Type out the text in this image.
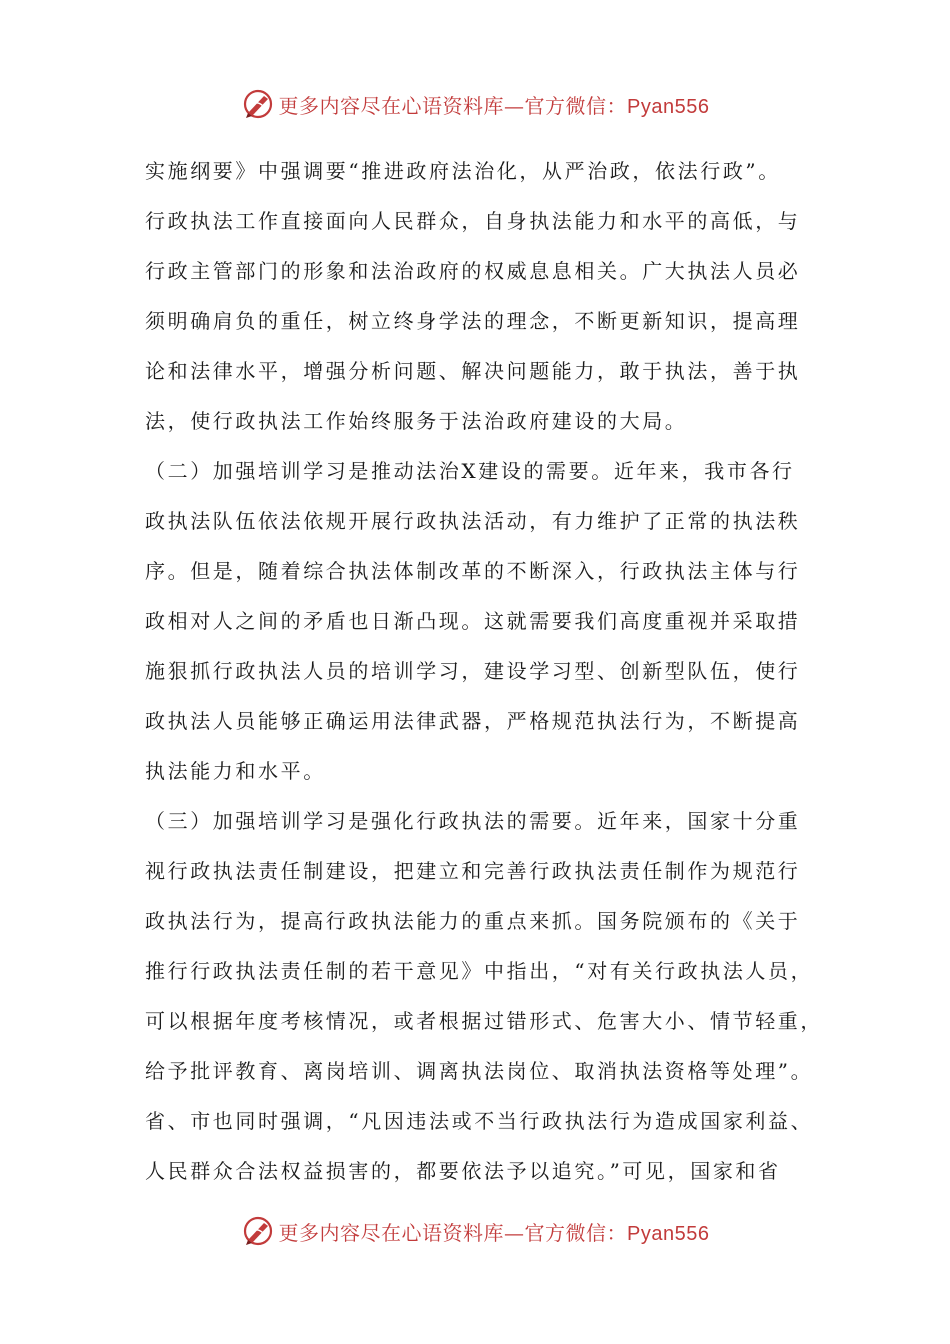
更多内容尽在心语资料库—官方微信：Pyan556
实施纲要》中强调要“推进政府法治化，从严治政，依法行政”。
行政执法工作直接面向人民群众，自身执法能力和水平的高低，与
行政主管部门的形象和法治政府的权威息息相关。广大执法人员必
须明确肩负的重任，树立终身学法的理念，不断更新知识，提高理
论和法律水平，增强分析问题、解决问题能力，敢于执法，善于执
法，使行政执法工作始终服务于法治政府建设的大局。
（二）加强培训学习是推动法治X建设的需要。近年来，我市各行
政执法队伍依法依规开展行政执法活动，有力维护了正常的执法秩
序。但是，随着综合执法体制改革的不断深入，行政执法主体与行
政相对人之间的矛盾也日渐凸现。这就需要我们高度重视并采取措
施狠抓行政执法人员的培训学习，建设学习型、创新型队伍，使行
政执法人员能够正确运用法律武器，严格规范执法行为，不断提高
执法能力和水平。
（三）加强培训学习是强化行政执法的需要。近年来，国家十分重
视行政执法责任制建设，把建立和完善行政执法责任制作为规范行
政执法行为，提高行政执法能力的重点来抓。国务院颁布的《关于
推行行政执法责任制的若干意见》中指出，“对有关行政执法人员，
可以根据年度考核情况，或者根据过错形式、危害大小、情节轻重，
给予批评教育、离岗培训、调离执法岗位、取消执法资格等处理”。
省、市也同时强调，“凡因违法或不当行政执法行为造成国家利益、
人民群众合法权益损害的，都要依法予以追究。”可见，国家和省
更多内容尽在心语资料库—官方微信：Pyan556
